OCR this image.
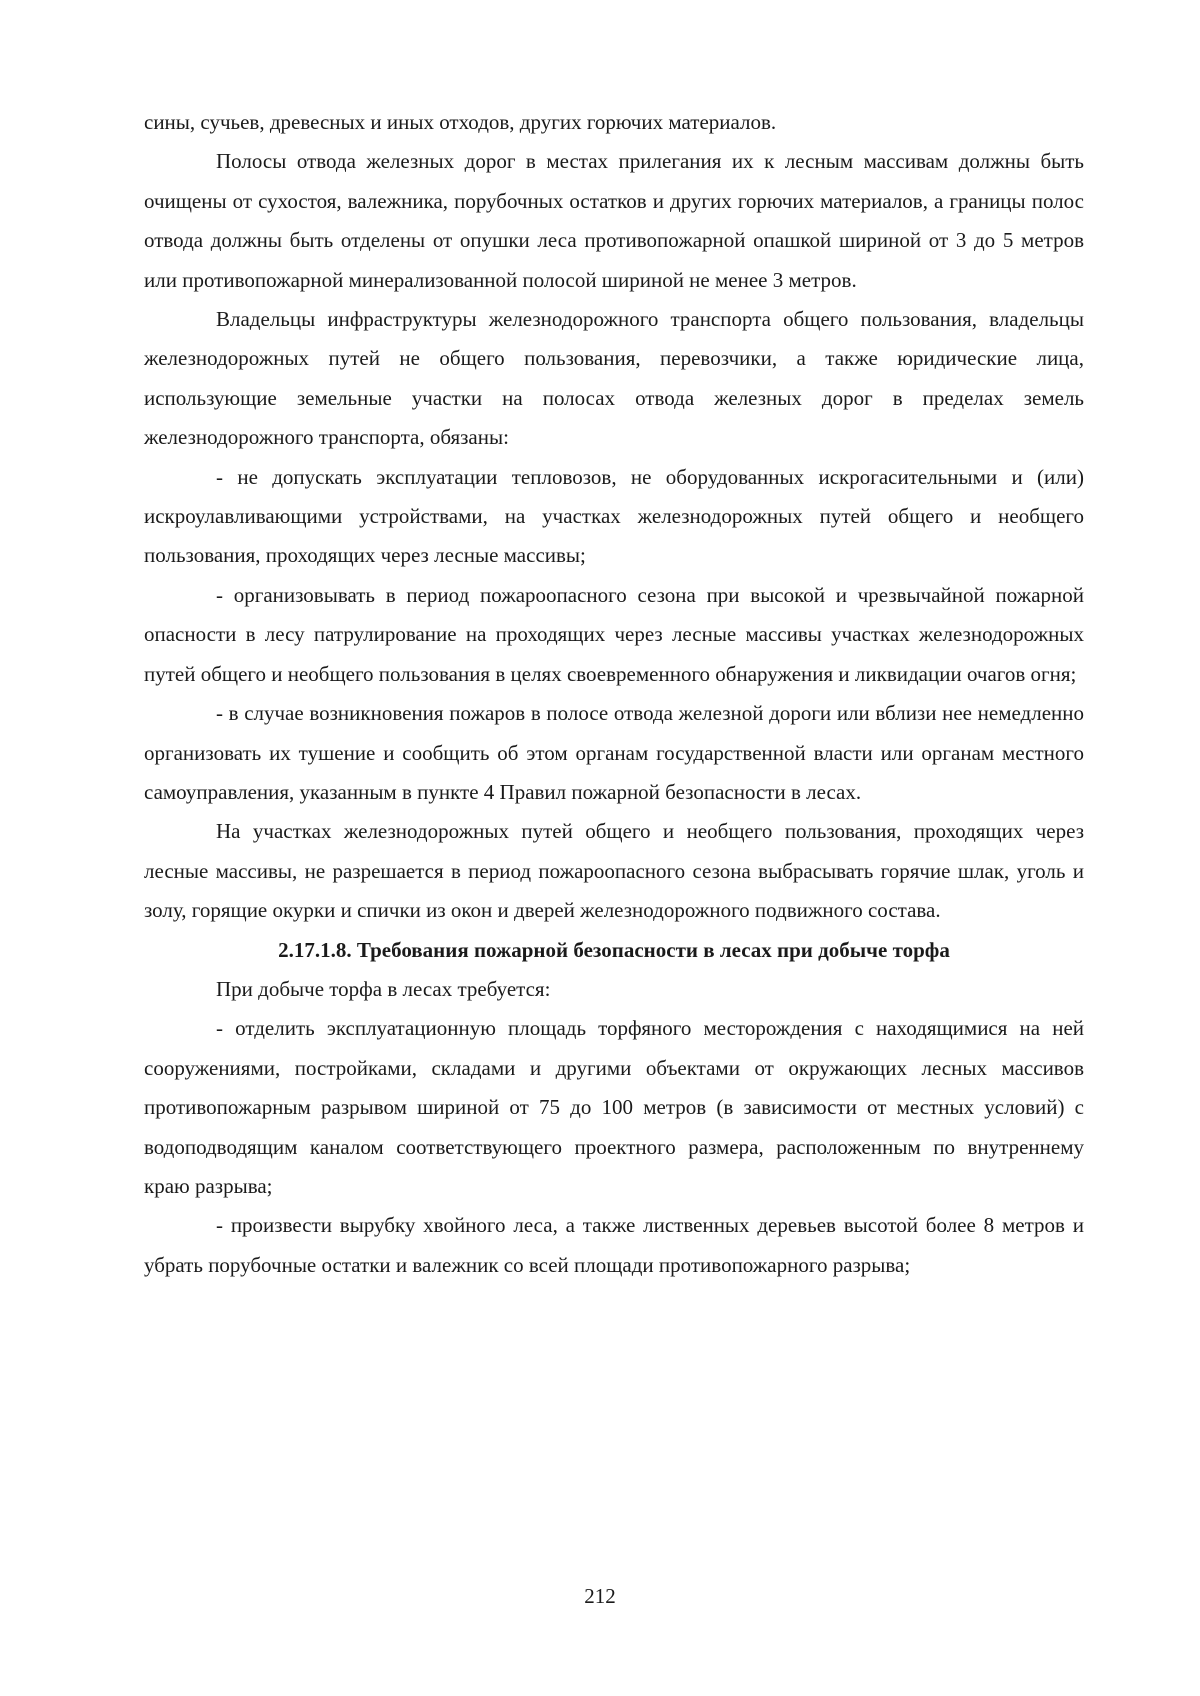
сины, сучьев, древесных и иных отходов, других горючих материалов.

Полосы отвода железных дорог в местах прилегания их к лесным массивам должны быть очищены от сухостоя, валежника, порубочных остатков и других горючих материалов, а границы полос отвода должны быть отделены от опушки леса противопожарной опашкой шириной от 3 до 5 метров или противопожарной минерализованной полосой шириной не менее 3 метров.

Владельцы инфраструктуры железнодорожного транспорта общего пользования, владельцы железнодорожных путей не общего пользования, перевозчики, а также юридические лица, использующие земельные участки на полосах отвода железных дорог в пределах земель железнодорожного транспорта, обязаны:

- не допускать эксплуатации тепловозов, не оборудованных искрогасительными и (или) искроулавливающими устройствами, на участках железнодорожных путей общего и необщего пользования, проходящих через лесные массивы;

- организовывать в период пожароопасного сезона при высокой и чрезвычайной пожарной опасности в лесу патрулирование на проходящих через лесные массивы участках железнодорожных путей общего и необщего пользования в целях своевременного обнаружения и ликвидации очагов огня;

- в случае возникновения пожаров в полосе отвода железной дороги или вблизи нее немедленно организовать их тушение и сообщить об этом органам государственной власти или органам местного самоуправления, указанным в пункте 4 Правил пожарной безопасности в лесах.

На участках железнодорожных путей общего и необщего пользования, проходящих через лесные массивы, не разрешается в период пожароопасного сезона выбрасывать горячие шлак, уголь и золу, горящие окурки и спички из окон и дверей железнодорожного подвижного состава.

2.17.1.8. Требования пожарной безопасности в лесах при добыче торфа

При добыче торфа в лесах требуется:

- отделить эксплуатационную площадь торфяного месторождения с находящимися на ней сооружениями, постройками, складами и другими объектами от окружающих лесных массивов противопожарным разрывом шириной от 75 до 100 метров (в зависимости от местных условий) с водоподводящим каналом соответствующего проектного размера, расположенным по внутреннему краю разрыва;

- произвести вырубку хвойного леса, а также лиственных деревьев высотой более 8 метров и убрать порубочные остатки и валежник со всей площади противопожарного разрыва;

212
